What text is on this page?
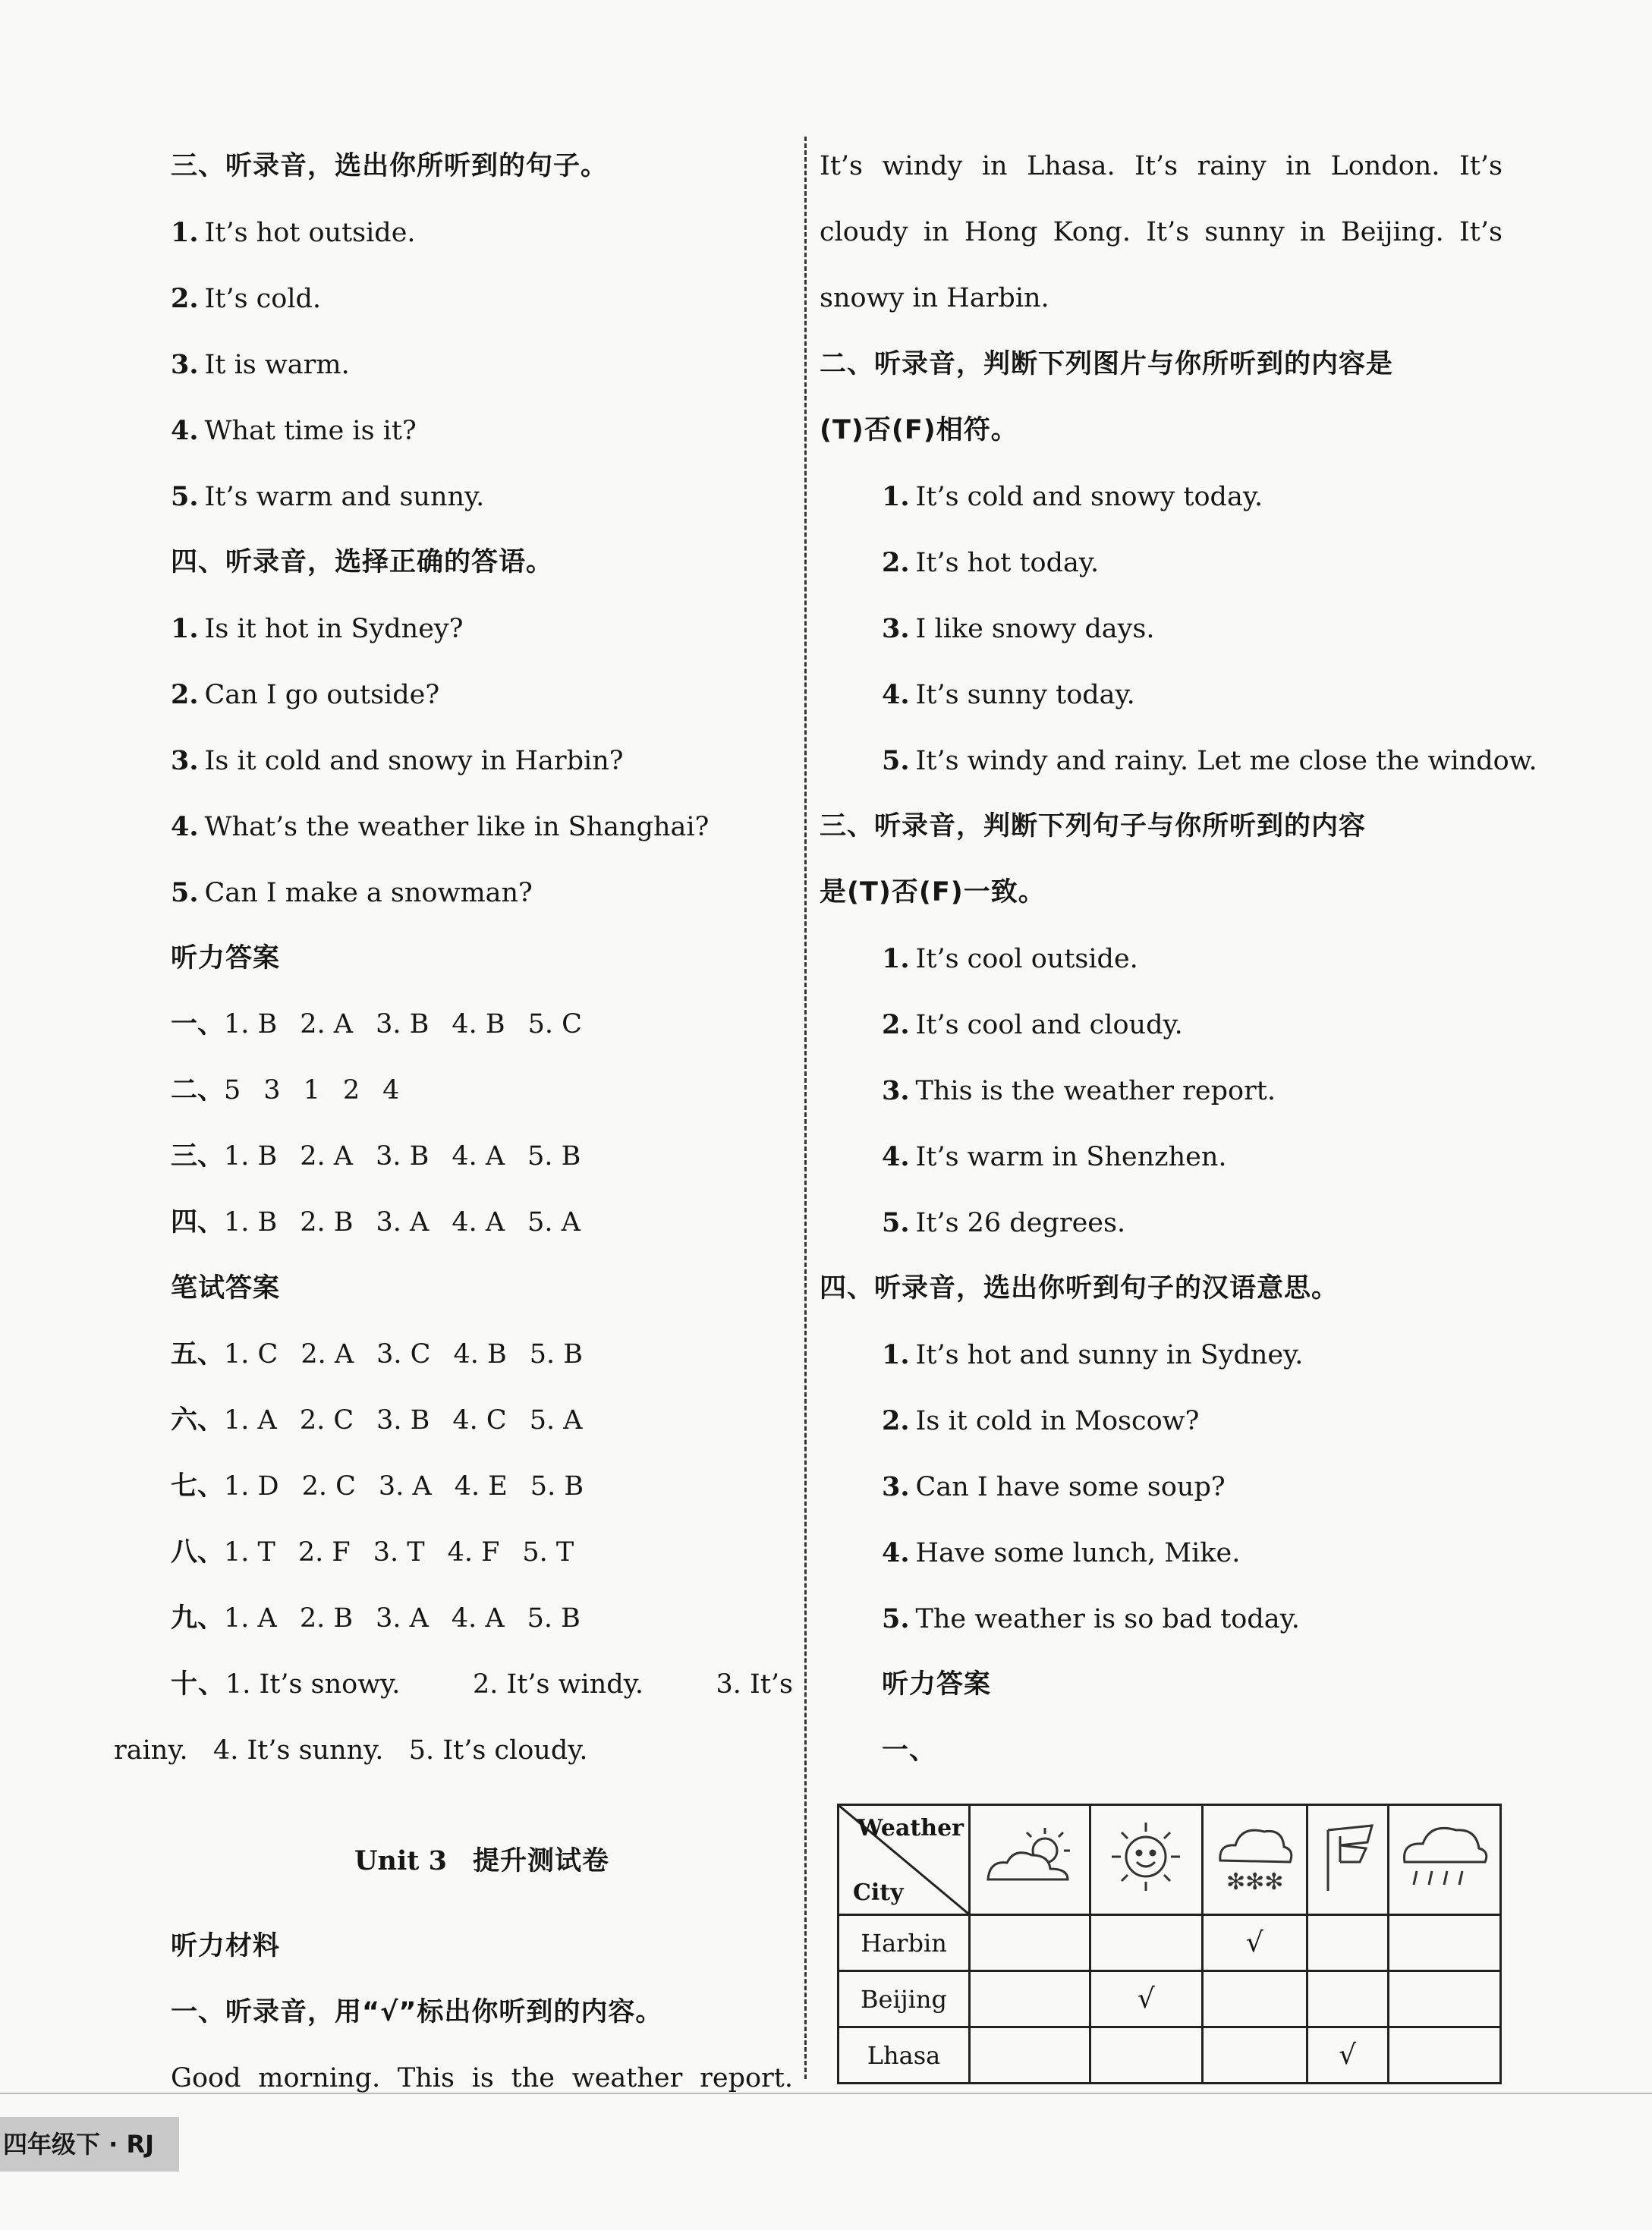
三、听录音，选出你所听到的句子。
1. It’s hot outside.
2. It’s cold.
3. It is warm.
4. What time is it?
5. It’s warm and sunny.
四、听录音，选择正确的答语。
1. Is it hot in Sydney?
2. Can I go outside?
3. Is it cold and snowy in Harbin?
4. What’s the weather like in Shanghai?
5. Can I make a snowman?
听力答案
一、1. B 2. A 3. B 4. B 5. C
二、5 3 1 2 4
三、1. B 2. A 3. B 4. A 5. B
四、1. B 2. B 3. A 4. A 5. A
笔试答案
五、1. C 2. A 3. C 4. B 5. B
六、1. A 2. C 3. B 4. C 5. A
七、1. D 2. C 3. A 4. E 5. B
八、1. T 2. F 3. T 4. F 5. T
九、1. A 2. B 3. A 4. A 5. B
十、1. It’s snowy.	2. It’s windy.	3. It’s
rainy.   4. It’s sunny.   5. It’s cloudy.
Unit 3 提升测试卷
听力材料
一、听录音，用“√”标出你听到的内容。
Good morning. This is the weather report.
It’s windy in Lhasa. It’s rainy in London. It’s
cloudy in Hong Kong. It’s sunny in Beijing. It’s
snowy in Harbin.
二、听录音，判断下列图片与你所听到的内容是
(T)否(F)相符。
1. It’s cold and snowy today.
2. It’s hot today.
3. I like snowy days.
4. It’s sunny today.
5. It’s windy and rainy. Let me close the window.
三、听录音，判断下列句子与你所听到的内容
是(T)否(F)一致。
1. It’s cool outside.
2. It’s cool and cloudy.
3. This is the weather report.
4. It’s warm in Shenzhen.
5. It’s 26 degrees.
四、听录音，选出你听到句子的汉语意思。
1. It’s hot and sunny in Sydney.
2. Is it cold in Moscow?
3. Can I have some soup?
4. Have some lunch, Mike.
5. The weather is so bad today.
听力答案
一、
Weather
City			✻✻✻

Harbin			√		
Beijing		√			
Lhasa				√	
四年级下 · RJ
